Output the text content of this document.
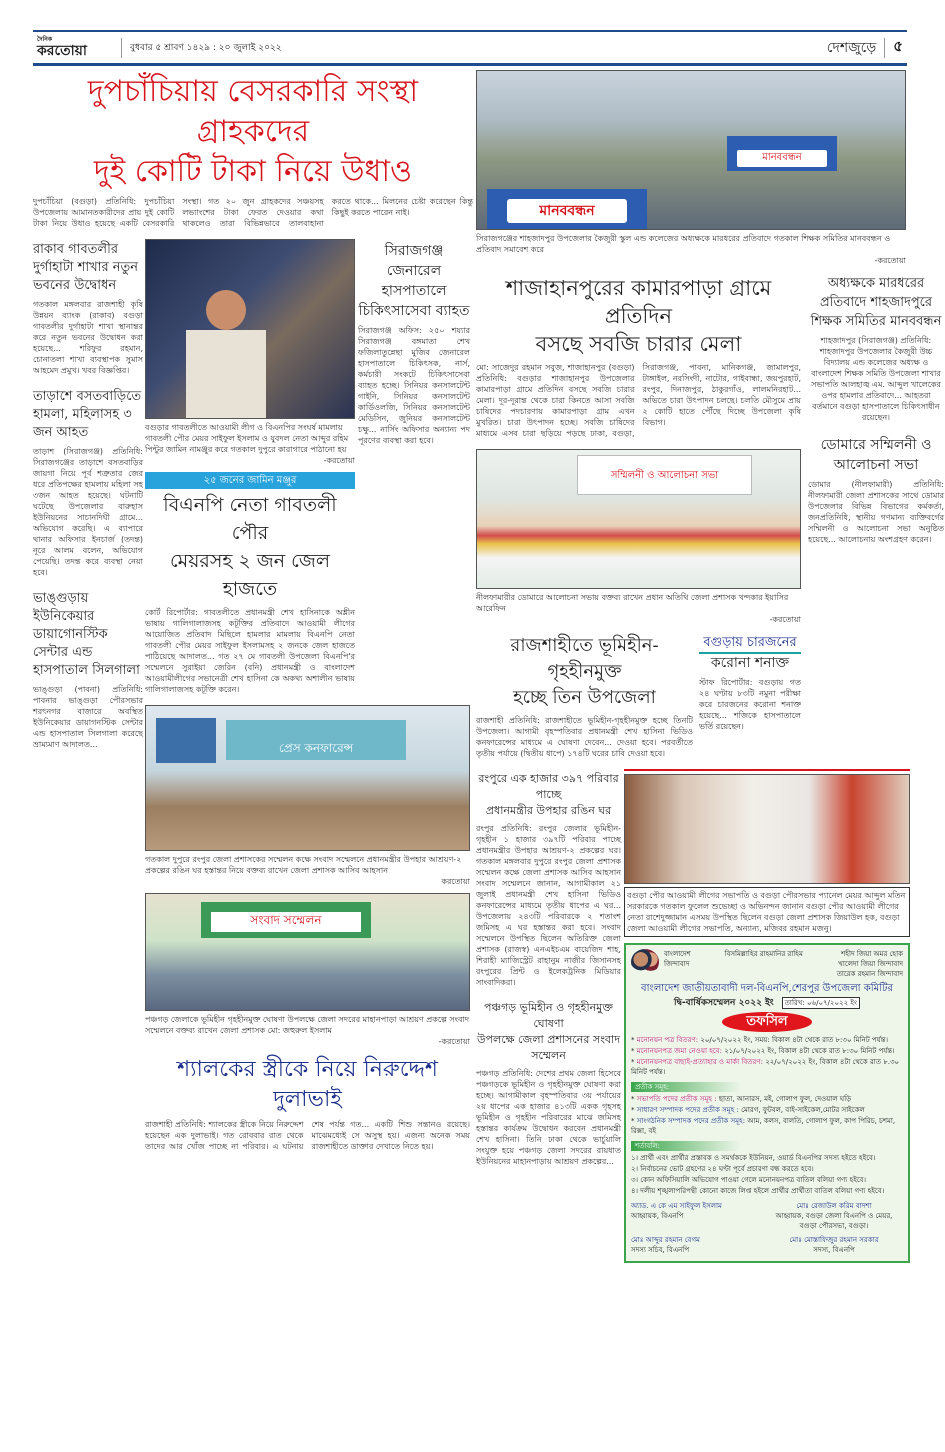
দৈনিক
করতোয়া	বুধবার ৫ শ্রাবণ ১৪২৯ : ২০ জুলাই ২০২২	দেশজুড়ে ৫
দুপচাঁচিয়ায় বেসরকারি সংস্থা গ্রাহকদের
দুই কোটি টাকা নিয়ে উধাও
দুপচাঁচিয়া (বগুড়া) প্রতিনিধি: দুপচাঁচিয়া উপজেলায় আমানতকারীদের প্রায় দুই কোটি টাকা নিয়ে উধাও হয়েছে একটি বেসরকারি সংস্থা। গত ২০ জুন গ্রাহকদের সঞ্চয়সহ লভ্যাংশের টাকা ফেরত দেওয়ার কথা থাকলেও তারা বিভিন্নভাবে তালবাহানা করতে থাকে... মিলনের চেষ্টা করেছেন কিন্তু কিছুই করতে পারেন নাই।
রাকাব গাবতলীর দুর্গাহাটা শাখার নতুন ভবনের উদ্বোধন
গতকাল মঙ্গলবার রাজশাহী কৃষি উন্নয়ন ব্যাংক (রাকাব) বগুড়া গাবতলীর দুর্গাহাটা শাখা স্থানান্তর করে নতুন ভবনের উদ্বোধন করা হয়েছে... শরিফুর রহমান, চোনাতলা শাখা ব্যবস্থাপক সুমাস আহমেদ প্রমুখ। খবর বিজ্ঞপ্তির।
তাড়াশে বসতবাড়িতে হামলা, মহিলাসহ ৩ জন আহত
তাড়াশ (সিরাজগঞ্জ) প্রতিনিধি: সিরাজগঞ্জের তাড়াশে বসতবাড়ির জায়গা নিয়ে পূর্ব শত্রুতার জের ধরে প্রতিপক্ষের হামলায় মহিলা সহ ৩জন আহত হয়েছে। ঘটনাটি ঘটেছে উপজেলার বারুহাস ইউনিয়নের সাচানদিঘী গ্রামে... অভিযোগ করেছি। এ ব্যাপারে থানার অফিসার ইনচার্জ (তদন্ত) নূরে আলম বলেন, অভিযোগ পেয়েছি। তদন্ত করে ব্যবস্থা নেয়া হবে।
ভাঙ্গুড়ায় ইউনিকেয়ার ডায়াগোনস্টিক সেন্টার এন্ড হাসপাতাল সিলগালা
ভাঙ্গুড়া (পাবনা) প্রতিনিধি: পাবনার ভাঙ্গুড়া পৌরসভার শরৎনগর বাজারে অবস্থিত ইউনিকেয়ার ডায়াগনস্টিক সেন্টার এন্ড হাসপাতাল সিলগালা করেছে ভ্রাম্যমাণ আদালত...
বগুড়ার গাবতলীতে আওয়ামী লীগ ও বিএনপির সংঘর্ষ মামলায় গাবতলী পৌর মেয়র সাইফুল ইসলাম ও যুবদল নেতা আব্দুর রহিম পিন্টুর জামিন নামঞ্জুর করে গতকাল দুপুরে কারাগারে পাঠানো হয়
-করতোয়া
২৫ জনের জামিন মঞ্জুর
বিএনপি নেতা গাবতলী পৌর
মেয়রসহ ২ জন জেল হাজতে
কোর্ট রিপোর্টার: গাবতলীতে প্রধানমন্ত্রী শেখ হাসিনাকে অশ্লীন ভাষায় গালিগালাজসহ কটূক্তির প্রতিবাদে আওয়ামী লীগের আয়োজিত প্রতিবাদ মিছিলে হামলার মামলায় বিএনপি নেতা গাবতলী পৌর মেয়র সাইফুল ইসলামসহ ২ জনকে জেল হাজতে পাঠিয়েছে আদালত... গত ২৭ মে গাবতলী উপজেলা বিএনপি'র সম্মেলনে সুরাইয়া জেরিন (বনি) প্রধানমন্ত্রী ও বাংলাদেশ আওয়ামীলীগের সভানেত্রী শেখ হাসিনা কে অকথ্য অশালীন ভাষায় গালিগালাজসহ কটূক্তি করেন।
সিরাজগঞ্জ জেনারেল
হাসপাতালে
চিকিৎসাসেবা ব্যাহত
সিরাজগঞ্জ অফিস: ২৫০ শয্যার সিরাজগঞ্জ বঙ্গমাতা শেখ ফজিলাতুন্নেছা মুজিব জেনারেল হাসপাতালে চিকিৎসক, নার্স, কর্মচারী সংকটে চিকিৎসাসেবা ব্যাহত হচ্ছে। সিনিয়র কনসালটেন্ট গাইনি, সিনিয়র কনসালটেন্ট কার্ডিওলজি, সিনিয়র কনসালটেন্ট মেডিসিন, জুনিয়র কনসালটেন্ট চক্ষু... নার্সিং অফিসার অন্যান্য পদ পূরণের ব্যবস্থা করা হবে।
প্রেস কনফারেন্স
গতকাল দুপুরে রংপুর জেলা প্রশাসকের সম্মেলন কক্ষে সংবাদ সম্মেলনে প্রধানমন্ত্রীর উপহার আশ্রয়ণ-২ প্রকল্পের রঙিন ঘর হস্তান্তর নিয়ে বক্তব্য রাখেন জেলা প্রশাসক আসিব আহসান
করতোয়া
সংবাদ সম্মেলন
পঞ্চগড় জেলাকে ভূমিহীন গৃহহীনমুক্ত ঘোষণা উপলক্ষে জেলা সদরের মাহানপাড়া আশ্রয়ণ প্রকল্পে সংবাদ সম্মেলনে বক্তব্য রাখেন জেলা প্রশাসক মো: জহুরুল ইসলাম
-করতোয়া
শ্যালকের স্ত্রীকে নিয়ে নিরুদ্দেশ দুলাভাই
রাজশাহী প্রতিনিধি: শ্যালকের স্ত্রীকে নিয়ে নিরুদ্দেশ হয়েছেন এক দুলাভাই। গত রোববার রাত থেকে তাদের আর খোঁজ পাচ্ছে না পরিবার। এ ঘটনায় শেষ পর্যন্ত গত... একটি শিশু সন্তানও রয়েছে। মাঝেমধ্যেই সে অসুস্থ হয়। এজন্য অনেক সময় রাজশাহীতে ডাক্তার দেখাতে নিতে হয়।
মানববন্ধন
মানববন্ধন
সিরাজগঞ্জের শাহজাদপুর উপজেলার কৈজুরী স্কুল এন্ড কলেজের অধ্যক্ষকে মারধরের প্রতিবাদে গতকাল শিক্ষক সমিতির মানববন্ধন ও প্রতিবাদ সমাবেশ করে
-করতোয়া
শাজাহানপুরের কামারপাড়া গ্রামে প্রতিদিন
বসছে সবজি চারার মেলা
মো: সাজেদুর রহমান সবুজ, শাজাহানপুর (বগুড়া) প্রতিনিধি: বগুড়ার শাজাহানপুর উপজেলার কামারপাড়া গ্রামে প্রতিদিন বসছে সবজি চারার মেলা। দূর-দূরান্ত থেকে চারা কিনতে আসা সবজি চাষিদের পদচারণায় কামারপাড়া গ্রাম এখন মুখরিত। চারা উৎপাদন হচ্ছে। সবজি চাষিদের মাধ্যমে এসব চারা ছড়িয়ে পড়ছে ঢাকা, বগুড়া, সিরাজগঞ্জ, পাবনা, মানিকগঞ্জ, জামালপুর, টাঙ্গাইল, নরসিংদী, নাটোর, গাইবান্ধা, জয়পুরহাট, রংপুর, দিনাজপুর, ঠাকুরগাঁও, লালমনিরহাট... অভিতে চারা উৎপাদন চলছে। চলতি মৌসুমে প্রায় ২ কোটি হাতে পৌঁছে দিচ্ছে উপজেলা কৃষি বিভাগ।
সম্মিলনী ও আলোচনা সভা
নীলফামারীর ডোমারে আলোচনা সভায় বক্তব্য রাখেন প্রধান অতিথি জেলা প্রশাসক খন্দকার ইয়াসির আরেফিন
-করতোয়া
রাজশাহীতে ভূমিহীন-গৃহহীনমুক্ত
হচ্ছে তিন উপজেলা
রাজশাহী প্রতিনিধি: রাজশাহীতে ভূমিহীন-গৃহহীনমুক্ত হচ্ছে তিনটি উপজেলা। আগামী বৃহস্পতিবার প্রধানমন্ত্রী শেখ হাসিনা ভিডিও কনফারেন্সের মাধ্যমে এ ঘোষণা দেবেন... দেওয়া হবে। পরবর্তীতে তৃতীয় পর্যায়ে (দ্বিতীয় ধাপে) ১৭৪টি ঘরের চাবি দেওয়া হবে।
বগুড়ায় চারজনের
করোনা শনাক্ত
স্টাফ রিপোর্টার: বগুড়ায় গত ২৪ ঘণ্টায় ৮৩টি নমুনা পরীক্ষা করে চারজনের করোনা শনাক্ত হয়েছে... শজিকে হাসপাতালে ভর্তি রয়েছেন।
অধ্যক্ষকে মারধরের
প্রতিবাদে শাহজাদপুরে
শিক্ষক সমিতির মানববন্ধন
শাহজাদপুর (সিরাজগঞ্জ) প্রতিনিধি: শাহজাদপুর উপজেলার কৈজুরী উচ্চ বিদ্যালয় এন্ড কলেজের অধ্যক্ষ ও বাংলাদেশ শিক্ষক সমিতি উপজেলা শাখার সভাপতি আলহাজ্ব এম. আব্দুল খালেকের ওপর হামলার প্রতিবাদে... আহতরা বর্তমানে বগুড়া হাসপাতালে চিকিৎসাধীন রয়েছেন।
ডোমারে সম্মিলনী ও
আলোচনা সভা
ডোমার (নীলফামারী) প্রতিনিধি: নীলফামারী জেলা প্রশাসকের সাথে ডোমার উপজেলার বিভিন্ন বিভাগের কর্মকর্তা, জনপ্রতিনিধি, স্থানীয় গণমান্য ব্যক্তিবর্গের সম্মিলনী ও আলোচনা সভা অনুষ্ঠিত হয়েছে... আলোচনায় অংশগ্রহণ করেন।
রংপুরে এক হাজার ৩৯৭ পরিবার পাচ্ছে
প্রধানমন্ত্রীর উপহার রঙিন ঘর
রংপুর প্রতিনিধি: রংপুর জেলার ভূমিহীন-গৃহহীন ১ হাজার ৩৯৭টি পরিবার পাচ্ছে প্রধানমন্ত্রীর উপহার আশ্রয়ণ-২ প্রকল্পের ঘর। গতকাল মঙ্গলবার দুপুরে রংপুর জেলা প্রশাসক সম্মেলন কক্ষে জেলা প্রশাসক আসিব আহসান সংবাদ সম্মেলনে জানান, আগামীকাল ২১ জুলাই প্রধানমন্ত্রী শেখ হাসিনা ভিডিও কনফারেন্সের মাধ্যমে তৃতীয় ধাপের এ ঘর... উপজেলায় ২৪৩টি পরিবারকে ২ শতাংশ জমিসহ এ ঘর হস্তান্তর করা হবে। সংবাদ সম্মেলনে উপস্থিত ছিলেন অতিরিক্ত জেলা প্রশাসক (রাজস্ব) এনএইচএম বায়েজিদ শাহ, শিরাহী ম্যাজিস্ট্রেট রাহানুম নাজীর জিসানসহ রংপুরের প্রিন্ট ও ইলেকট্রনিক মিডিয়ার সাংবাদিকরা।
পঞ্চগড় ভূমিহীন ও গৃহহীনমুক্ত ঘোষণা
উপলক্ষে জেলা প্রশাসনের সংবাদ সম্মেলন
পঞ্চগড় প্রতিনিধি: দেশের প্রথম জেলা হিসেবে পঞ্চগড়কে ভূমিহীন ও গৃহহীনমুক্ত ঘোষণা করা হচ্ছে। আগামীকাল বৃহস্পতিবার ৩য় পর্যায়ের ২য় ধাপের এক হাজার ৪১৩টি একক গৃহসহ ভূমিহীন ও গৃহহীন পরিবারের মাঝে জমিসহ হস্তান্তর কার্যক্রম উদ্বোধন করবেন প্রধানমন্ত্রী শেখ হাসিনা। তিনি ঢাকা থেকে ভার্চুয়ালি সংযুক্ত হয়ে পঞ্চগড় জেলা সদরের রায়ধাত ইউনিয়নের মাহানপাড়ায় আশ্রয়ণ প্রকল্পের...
বগুড়া পৌর আওয়ামী লীগের সভাপতি ও বগুড়া পৌরসভার প্যানেল মেয়র আব্দুল মতিন সরকারকে গতকাল ফুলেল শুভেচ্ছা ও অভিনন্দন জানান বগুড়া পৌর আওয়ামী লীগের নেতা রাশেদুজ্জামান এসময় উপস্থিত ছিলেন বগুড়া জেলা প্রশাসক জিয়াউল হক, বগুড়া জেলা আওয়ামী লীগের সভাপতি, অন্যান্য, মজিবর রহমান মজনু।
বাংলাদেশ
জিন্দাবাদ
বিসমিল্লাহির রাহমানির রাহিম	শহীদ জিয়া অমর হোক
খালেদা জিয়া জিন্দাবাদ
তারেক রহমান জিন্দাবাদ
বাংলাদেশ জাতীয়তাবাদী দল-বিএনপি,শেরপুর উপজেলা কমিটির
দ্বি-বার্ষিকসম্মেলন ২০২২ ইং	তারিখ: ০৬/০৭/২০২২ ইং
তফসিল
* মনোনয়ন পত্র বিতরণ: ২০/০৭/২০২২ ইং, সময়: বিকাল ৪টা থেকে রাত ৮:৩০ মিনিট পর্যন্ত।
* মনোনয়নপত্র জমা নেওয়া হবে: ২১/০৭/২০২২ ইং, বিকাল ৪টা থেকে রাত ৮:৩০ মিনিট পর্যন্ত।
* মনোনয়নপত্র বাছাই-প্রত্যাহার ও মার্কা বিতরণ: ২২/০৭/২০২২ ইং, বিকাল ৪টা থেকে রাত ৮.৩০ মিনিট পর্যন্ত।
প্রতীক সমূহ:
* সভাপতি পদের প্রতীক সমূহ : ছাতা, আনারস, মই, গোলাপ ফুল, দেওয়াল ঘড়ি
* সাধারণ সম্পাদক পদের প্রতীক সমূহ : মোরগ, ফুটবল, বাই-সাইকেল,মোটর সাইকেল
* সাংগঠনিক সম্পাদক পদের প্রতীক সমূহ: আম, কলস, বালতি, গোলাপ ফুল, কাপ পিরিচ, চশমা, রিক্সা, বই
শর্তাবলি:
১। প্রার্থী এবং প্রার্থীর প্রস্তাবক ও সমর্থককে ইউনিয়ন, ওয়ার্ড বিএনপির সদস্য হইতে হইবে।
২। নির্বাচনের ভোট গ্রহণের ২৪ ঘণ্টা পূর্বে প্রচারণা বন্ধ করতে হবে।
৩। কোন অফিসিয়ালি অভিযোগ পাওয়া গেলে মনোনয়নপত্র বাতিল বলিয়া গণ্য হইবে।
৪। দলীয় শৃঙ্খলাপরিপন্থী কোনো কাজে লিপ্ত হইলে প্রার্থীর প্রার্থীতা বাতিল বলিয়া গণ্য হইবে।
অ্যাড. এ কে এম সাইফুল ইসলাম
আহ্বায়ক, বিএনপি
মোঃ রেজাউল করিম বাদশা
আহ্বায়ক, বগুড়া জেলা বিএনপি ও মেয়র, বগুড়া পৌরসভা, বগুড়া।
মোঃ আব্দুর রহমান বেগম
সদস্য সচিব, বিএনপি
মোঃ মোস্তাফিজুর রহমান সরকার
সদস্য, বিএনপি
